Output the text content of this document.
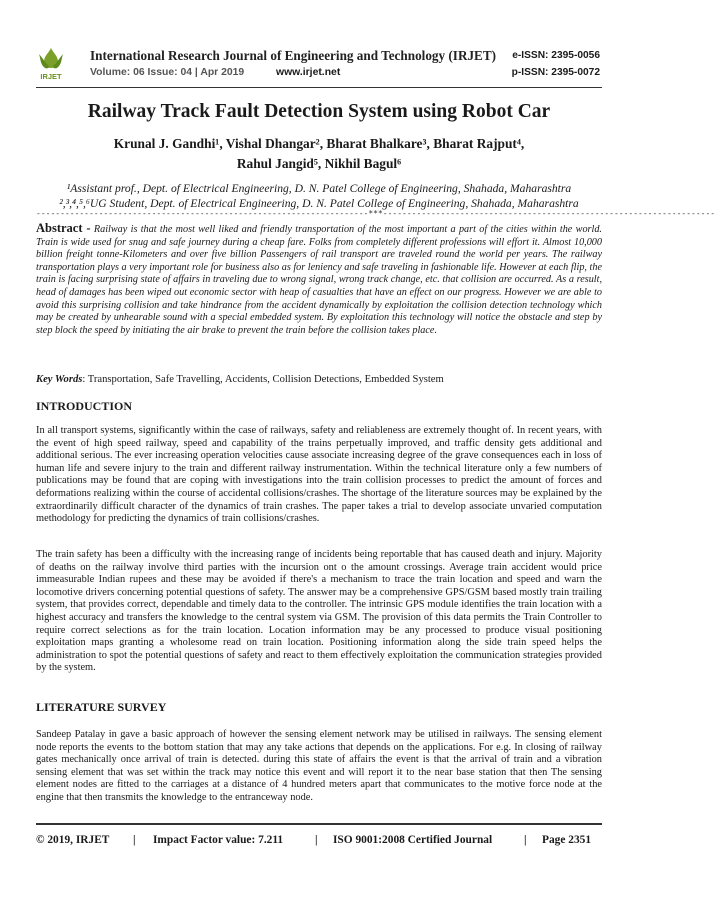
IRJET
International Research Journal of Engineering and Technology (IRJET) e-ISSN: 2395-0056
Volume: 06 Issue: 04 | Apr 2019	www.irjet.net	p-ISSN: 2395-0072
Railway Track Fault Detection System using Robot Car
Krunal J. Gandhi¹, Vishal Dhangar², Bharat Bhalkare³, Bharat Rajput⁴,
Rahul Jangid⁵, Nikhil Bagul⁶
¹Assistant prof., Dept. of Electrical Engineering, D. N. Patel College of Engineering, Shahada, Maharashtra
²,³,⁴,⁵,⁶UG Student, Dept. of Electrical Engineering, D. N. Patel College of Engineering, Shahada, Maharashtra
---------------------------------------------------------------------***---------------------------------------------------------------------
Abstract - Railway is that the most well liked and friendly transportation of the most important a part of the cities within the world. Train is wide used for snug and safe journey during a cheap fare. Folks from completely different professions will effort it. Almost 10,000 billion freight tonne-Kilometers and over five billion Passengers of rail transport are traveled round the world per years. The railway transportation plays a very important role for business also as for leniency and safe traveling in fashionable life. However at each flip, the train is facing surprising state of affairs in traveling due to wrong signal, wrong track change, etc. that collision are occurred. As a result, head of damages has been wiped out economic sector with heap of casualties that have an effect on our progress. However we are able to avoid this surprising collision and take hindrance from the accident dynamically by exploitation the collision detection technology which may be created by unhearable sound with a special embedded system. By exploitation this technology will notice the obstacle and step by step block the speed by initiating the air brake to prevent the train before the collision takes place.
Key Words: Transportation, Safe Travelling, Accidents, Collision Detections, Embedded System
INTRODUCTION

In all transport systems, significantly within the case of railways, safety and reliableness are extremely thought of. In recent years, with the event of high speed railway, speed and capability of the trains perpetually improved, and traffic density gets additional and additional serious. The ever increasing operation velocities cause associate increasing degree of the grave consequences each in loss of human life and severe injury to the train and different railway instrumentation. Within the technical literature only a few numbers of publications may be found that are coping with investigations into the train collision processes to predict the amount of forces and deformations realizing within the course of accidental collisions/crashes. The shortage of the literature sources may be explained by the extraordinarily difficult character of the dynamics of train crashes. The paper takes a trial to develop associate unvaried computation methodology for predicting the dynamics of train collisions/crashes.

The train safety has been a difficulty with the increasing range of incidents being reportable that has caused death and injury. Majority of deaths on the railway involve third parties with the incursion ont o the amount crossings. Average train accident would price immeasurable Indian rupees and these may be avoided if there's a mechanism to trace the train location and speed and warn the locomotive drivers concerning potential questions of safety. The answer may be a comprehensive GPS/GSM based mostly train trailing system, that provides correct, dependable and timely data to the controller. The intrinsic GPS module identifies the train location with a highest accuracy and transfers the knowledge to the central system via GSM. The provision of this data permits the Train Controller to require correct selections as for the train location. Location information may be any processed to produce visual positioning exploitation maps granting a wholesome read on train location. Positioning information along the side train speed helps the administration to spot the potential questions of safety and react to them effectively exploitation the communication strategies provided by the system.

LITERATURE SURVEY

Sandeep Patalay in gave a basic approach of however the sensing element network may be utilised in railways. The sensing element node reports the events to the bottom station that may any take actions that depends on the applications. For e.g. In closing of railway gates mechanically once arrival of train is detected. during this state of affairs the event is that the arrival of train and a vibration sensing element that was set within the track may notice this event and will report it to the near base station that then The sensing element nodes are fitted to the carriages at a distance of 4 hundred meters apart that communicates to the motive force node at the engine that then transmits the knowledge to the entranceway node.

© 2019, IRJET | Impact Factor value: 7.211	| ISO 9001:2008 Certified Journal	| Page 2351
